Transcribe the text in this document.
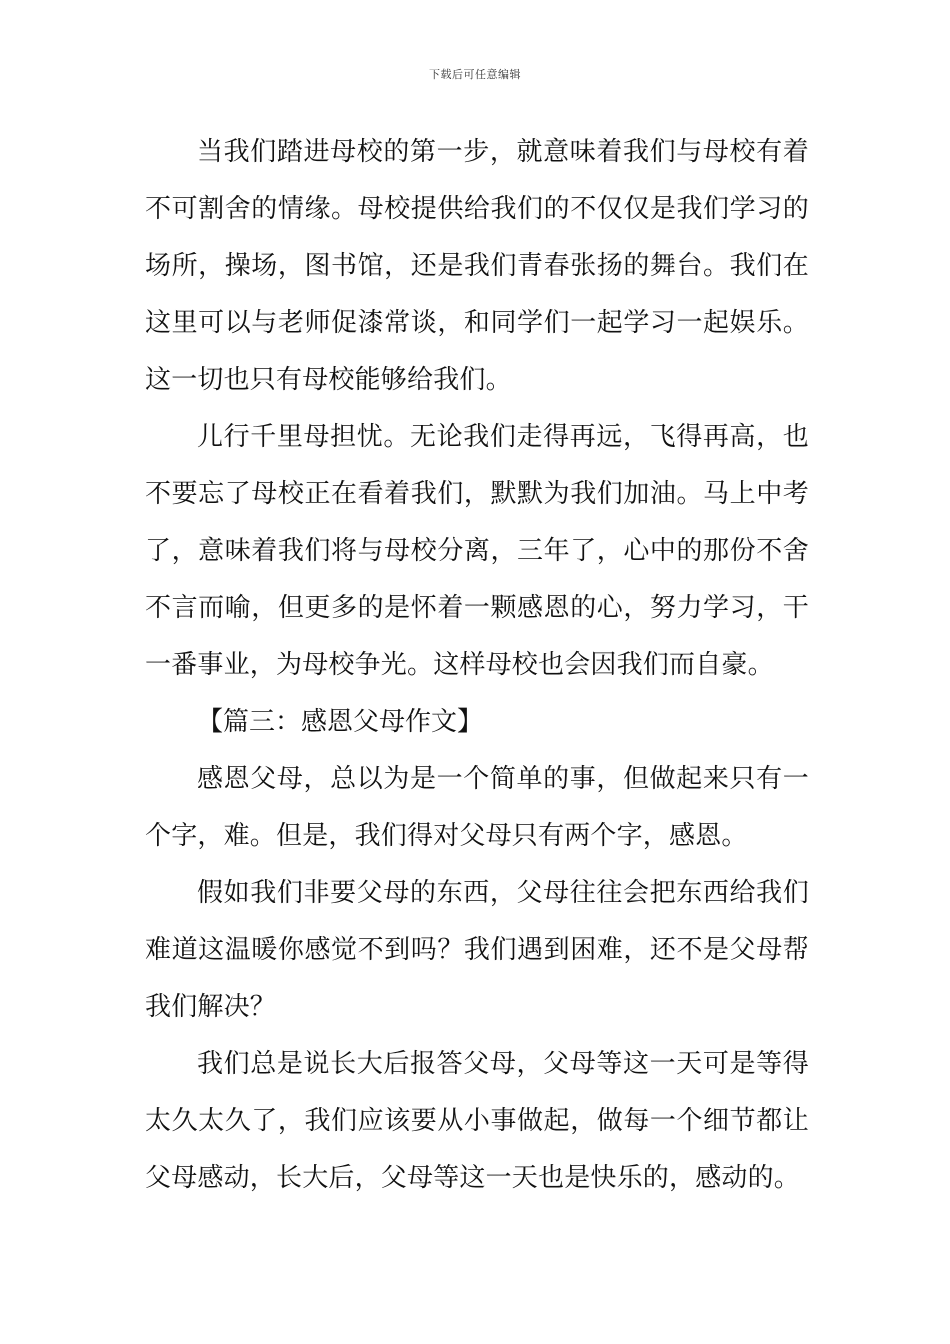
下载后可任意编辑

当我们踏进母校的第一步，就意味着我们与母校有着不可割舍的情缘。母校提供给我们的不仅仅是我们学习的场所，操场，图书馆，还是我们青春张扬的舞台。我们在这里可以与老师促漆常谈，和同学们一起学习一起娱乐。这一切也只有母校能够给我们。

儿行千里母担忧。无论我们走得再远，飞得再高，也不要忘了母校正在看着我们，默默为我们加油。马上中考了，意味着我们将与母校分离，三年了，心中的那份不舍不言而喻，但更多的是怀着一颗感恩的心，努力学习，干一番事业，为母校争光。这样母校也会因我们而自豪。

【篇三：感恩父母作文】

感恩父母，总以为是一个简单的事，但做起来只有一个字，难。但是，我们得对父母只有两个字，感恩。

假如我们非要父母的东西，父母往往会把东西给我们难道这温暖你感觉不到吗？我们遇到困难，还不是父母帮我们解决？

我们总是说长大后报答父母，父母等这一天可是等得太久太久了，我们应该要从小事做起，做每一个细节都让父母感动，长大后，父母等这一天也是快乐的，感动的。
